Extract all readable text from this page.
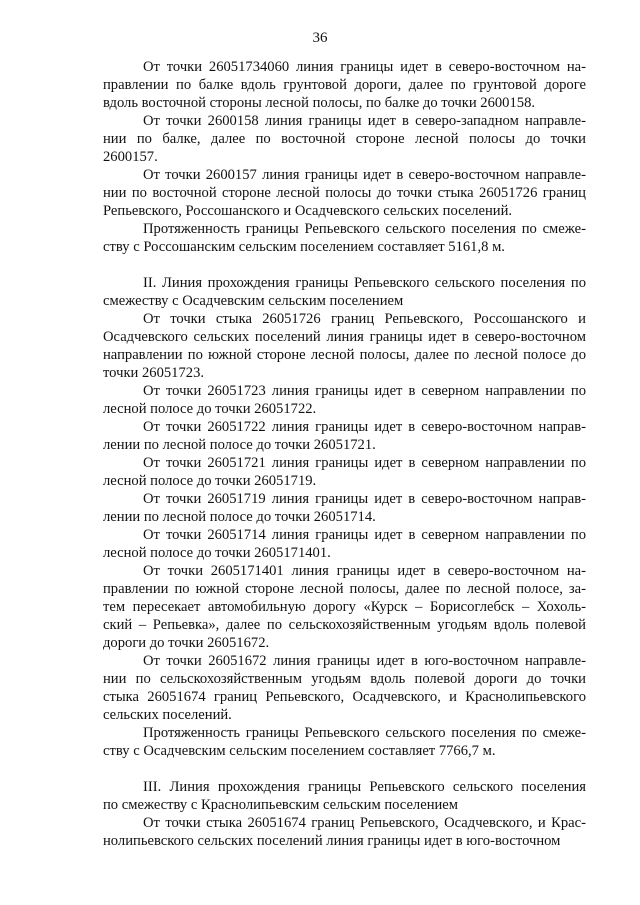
36
От точки 26051734060 линия границы идет в северо-восточном на-
правлении по балке вдоль грунтовой дороги, далее по грунтовой дороге
вдоль восточной стороны лесной полосы, по балке до точки 2600158.
От точки 2600158 линия границы идет в северо-западном направле-
нии по балке, далее по восточной стороне лесной полосы до точки
2600157.
От точки 2600157 линия границы идет в северо-восточном направле-
нии по восточной стороне лесной полосы до точки стыка 26051726 границ
Репьевского, Россошанского и Осадчевского сельских поселений.
Протяженность границы Репьевского сельского поселения по смеже-
ству с Россошанским сельским поселением составляет 5161,8 м.
II. Линия прохождения границы Репьевского сельского поселения по
смежеству с Осадчевским сельским поселением
От точки стыка 26051726 границ Репьевского, Россошанского и
Осадчевского сельских поселений линия границы идет в северо-восточном
направлении по южной стороне лесной полосы, далее по лесной полосе до
точки 26051723.
От точки 26051723 линия границы идет в северном направлении по
лесной полосе до точки 26051722.
От точки 26051722 линия границы идет в северо-восточном направ-
лении по лесной полосе до точки 26051721.
От точки 26051721 линия границы идет в северном направлении по
лесной полосе до точки 26051719.
От точки 26051719 линия границы идет в северо-восточном направ-
лении по лесной полосе до точки 26051714.
От точки 26051714 линия границы идет в северном направлении по
лесной полосе до точки 2605171401.
От точки 2605171401 линия границы идет в северо-восточном на-
правлении по южной стороне лесной полосы, далее по лесной полосе, за-
тем пересекает автомобильную дорогу «Курск – Борисоглебск – Хохоль-
ский – Репьевка», далее по сельскохозяйственным угодьям вдоль полевой
дороги до точки 26051672.
От точки 26051672 линия границы идет в юго-восточном направле-
нии по сельскохозяйственным угодьям вдоль полевой дороги до точки
стыка 26051674 границ Репьевского, Осадчевского, и Краснолипьевского
сельских поселений.
Протяженность границы Репьевского сельского поселения по смеже-
ству с Осадчевским сельским поселением составляет 7766,7 м.
III. Линия прохождения границы Репьевского сельского поселения
по смежеству с Краснолипьевским сельским поселением
От точки стыка 26051674 границ Репьевского, Осадчевского, и Крас-
нолипьевского сельских поселений линия границы идет в юго-восточном
